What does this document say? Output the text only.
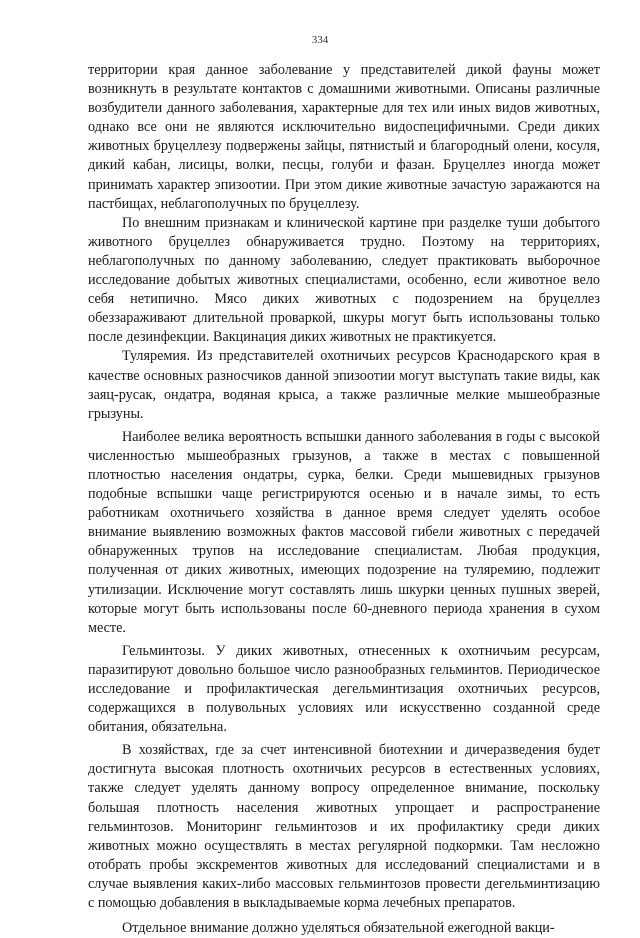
334

территории края данное заболевание у представителей дикой фауны может возникнуть в результате контактов с домашними животными. Описаны различные возбудители данного заболевания, характерные для тех или иных видов животных, однако все они не являются исключительно видоспецифичными. Среди диких животных бруцеллезу подвержены зайцы, пятнистый и благородный олени, косуля, дикий кабан, лисицы, волки, песцы, голуби и фазан. Бруцеллез иногда может принимать характер эпизоотии. При этом дикие животные зачастую заражаются на пастбищах, неблагополучных по бруцеллезу.

По внешним признакам и клинической картине при разделке туши добытого животного бруцеллез обнаруживается трудно. Поэтому на территориях, неблагополучных по данному заболеванию, следует практиковать выборочное исследование добытых животных специалистами, особенно, если животное вело себя нетипично. Мясо диких животных с подозрением на бруцеллез обеззараживают длительной проваркой, шкуры могут быть использованы только после дезинфекции. Вакцинация диких животных не практикуется.

Туляремия. Из представителей охотничьих ресурсов Краснодарского края в качестве основных разносчиков данной эпизоотии могут выступать такие виды, как заяц-русак, ондатра, водяная крыса, а также различные мелкие мышеобразные грызуны.

Наиболее велика вероятность вспышки данного заболевания в годы с высокой численностью мышеобразных грызунов, а также в местах с повышенной плотностью населения ондатры, сурка, белки. Среди мышевидных грызунов подобные вспышки чаще регистрируются осенью и в начале зимы, то есть работникам охотничьего хозяйства в данное время следует уделять особое внимание выявлению возможных фактов массовой гибели животных с передачей обнаруженных трупов на исследование специалистам. Любая продукция, полученная от диких животных, имеющих подозрение на туляремию, подлежит утилизации. Исключение могут составлять лишь шкурки ценных пушных зверей, которые могут быть использованы после 60-дневного периода хранения в сухом месте.

Гельминтозы. У диких животных, отнесенных к охотничьим ресурсам, паразитируют довольно большое число разнообразных гельминтов. Периодическое исследование и профилактическая дегельминтизация охотничьих ресурсов, содержащихся в полувольных условиях или искусственно созданной среде обитания, обязательна.

В хозяйствах, где за счет интенсивной биотехнии и дичеразведения будет достигнута высокая плотность охотничьих ресурсов в естественных условиях, также следует уделять данному вопросу определенное внимание, поскольку большая плотность населения животных упрощает и распространение гельминтозов. Мониторинг гельминтозов и их профилактику среди диких животных можно осуществлять в местах регулярной подкормки. Там несложно отобрать пробы экскрементов животных для исследований специалистами и в случае выявления каких-либо массовых гельминтозов провести дегельминтизацию с помощью добавления в выкладываемые корма лечебных препаратов.

Отдельное внимание должно уделяться обязательной ежегодной вакци-
